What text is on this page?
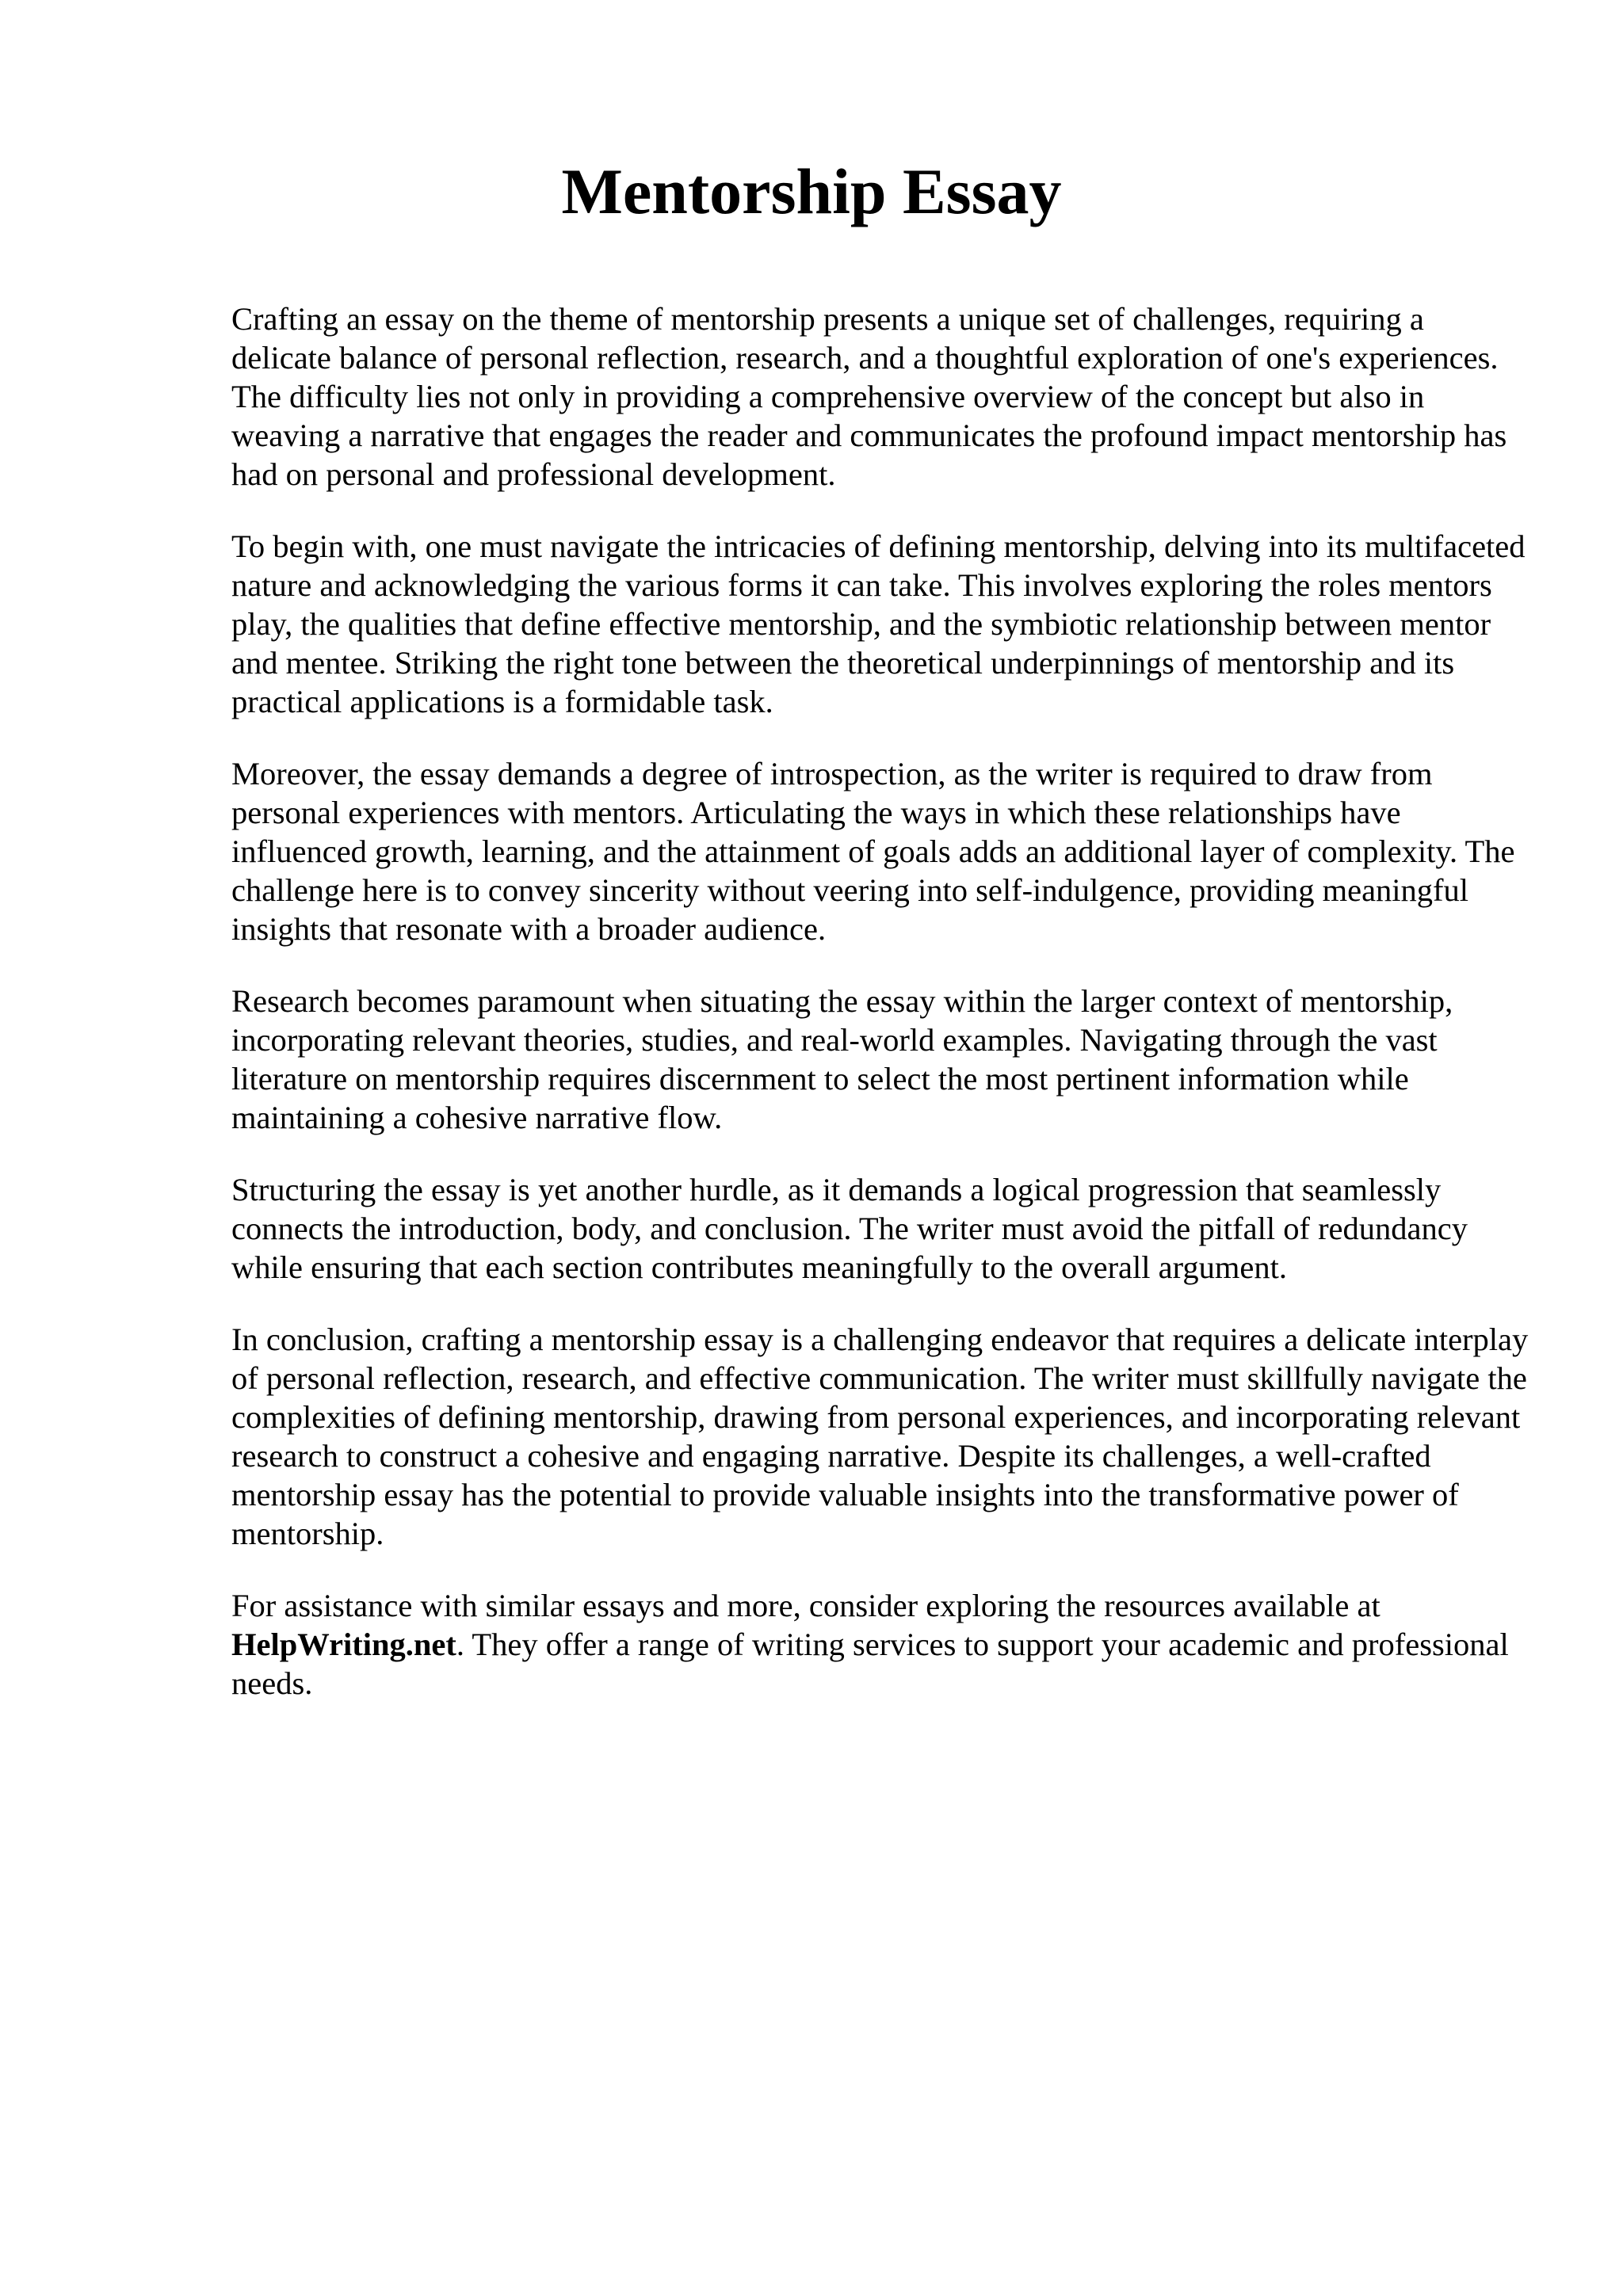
Mentorship Essay

Crafting an essay on the theme of mentorship presents a unique set of challenges, requiring a delicate balance of personal reflection, research, and a thoughtful exploration of one's experiences. The difficulty lies not only in providing a comprehensive overview of the concept but also in weaving a narrative that engages the reader and communicates the profound impact mentorship has had on personal and professional development.

To begin with, one must navigate the intricacies of defining mentorship, delving into its multifaceted nature and acknowledging the various forms it can take. This involves exploring the roles mentors play, the qualities that define effective mentorship, and the symbiotic relationship between mentor and mentee. Striking the right tone between the theoretical underpinnings of mentorship and its practical applications is a formidable task.

Moreover, the essay demands a degree of introspection, as the writer is required to draw from personal experiences with mentors. Articulating the ways in which these relationships have influenced growth, learning, and the attainment of goals adds an additional layer of complexity. The challenge here is to convey sincerity without veering into self-indulgence, providing meaningful insights that resonate with a broader audience.

Research becomes paramount when situating the essay within the larger context of mentorship, incorporating relevant theories, studies, and real-world examples. Navigating through the vast literature on mentorship requires discernment to select the most pertinent information while maintaining a cohesive narrative flow.

Structuring the essay is yet another hurdle, as it demands a logical progression that seamlessly connects the introduction, body, and conclusion. The writer must avoid the pitfall of redundancy while ensuring that each section contributes meaningfully to the overall argument.

In conclusion, crafting a mentorship essay is a challenging endeavor that requires a delicate interplay of personal reflection, research, and effective communication. The writer must skillfully navigate the complexities of defining mentorship, drawing from personal experiences, and incorporating relevant research to construct a cohesive and engaging narrative. Despite its challenges, a well-crafted mentorship essay has the potential to provide valuable insights into the transformative power of mentorship.

For assistance with similar essays and more, consider exploring the resources available at HelpWriting.net. They offer a range of writing services to support your academic and professional needs.
